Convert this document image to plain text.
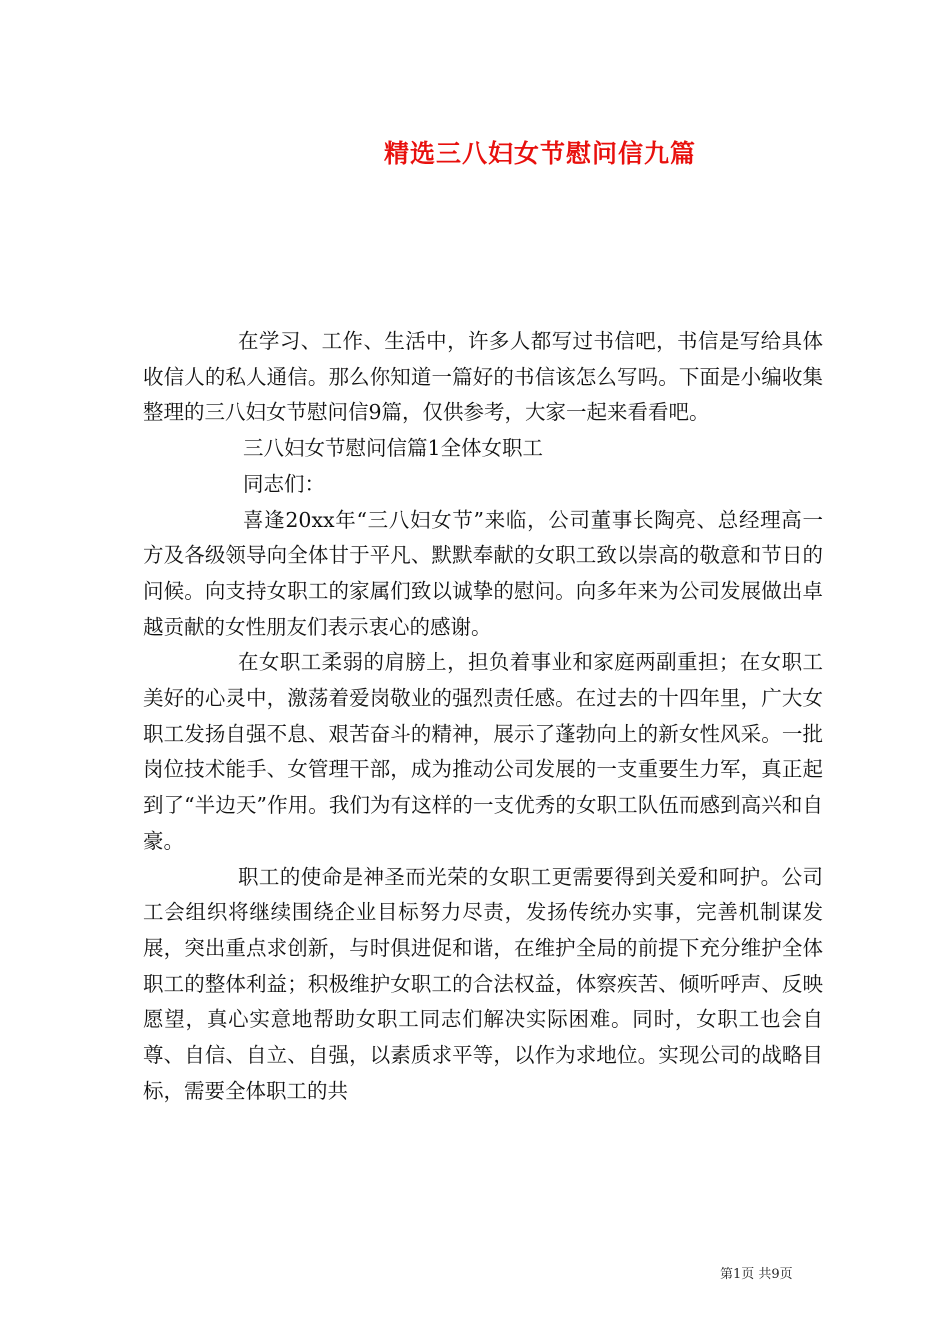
精选三八妇女节慰问信九篇

在学习、工作、生活中，许多人都写过书信吧，书信是写给具体收信人的私人通信。那么你知道一篇好的书信该怎么写吗。下面是小编收集整理的三八妇女节慰问信9篇，仅供参考，大家一起来看看吧。

三八妇女节慰问信篇1全体女职工

同志们：

喜逢20xx年“三八妇女节”来临，公司董事长陶亮、总经理高一方及各级领导向全体甘于平凡、默默奉献的女职工致以崇高的敬意和节日的问候。向支持女职工的家属们致以诚挚的慰问。向多年来为公司发展做出卓越贡献的女性朋友们表示衷心的感谢。

在女职工柔弱的肩膀上，担负着事业和家庭两副重担；在女职工美好的心灵中，激荡着爱岗敬业的强烈责任感。在过去的十四年里，广大女职工发扬自强不息、艰苦奋斗的精神，展示了蓬勃向上的新女性风采。一批岗位技术能手、女管理干部，成为推动公司发展的一支重要生力军，真正起到了“半边天”作用。我们为有这样的一支优秀的女职工队伍而感到高兴和自豪。

职工的使命是神圣而光荣的女职工更需要得到关爱和呵护。公司工会组织将继续围绕企业目标努力尽责，发扬传统办实事，完善机制谋发展，突出重点求创新，与时俱进促和谐，在维护全局的前提下充分维护全体职工的整体利益；积极维护女职工的合法权益，体察疾苦、倾听呼声、反映愿望，真心实意地帮助女职工同志们解决实际困难。同时，女职工也会自尊、自信、自立、自强，以素质求平等，以作为求地位。实现公司的战略目标，需要全体职工的共

第1页 共9页
